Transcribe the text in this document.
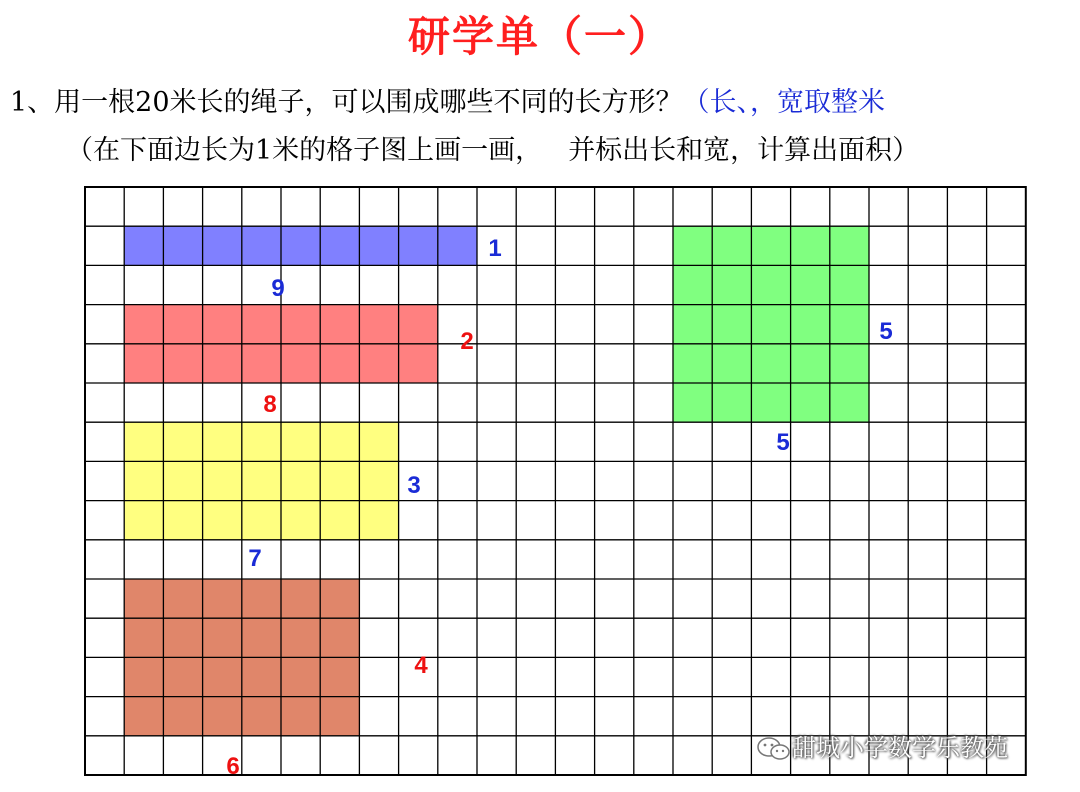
研学单（一）
1、用一根20米长的绳子，可以围成哪些不同的长方形？（长、，宽取整米
（在下面边长为1米的格子图上画一画， 并标出长和宽，计算出面积）
9
1
8
2
7
3
6
4
5
5
甜城小学数学乐教苑
